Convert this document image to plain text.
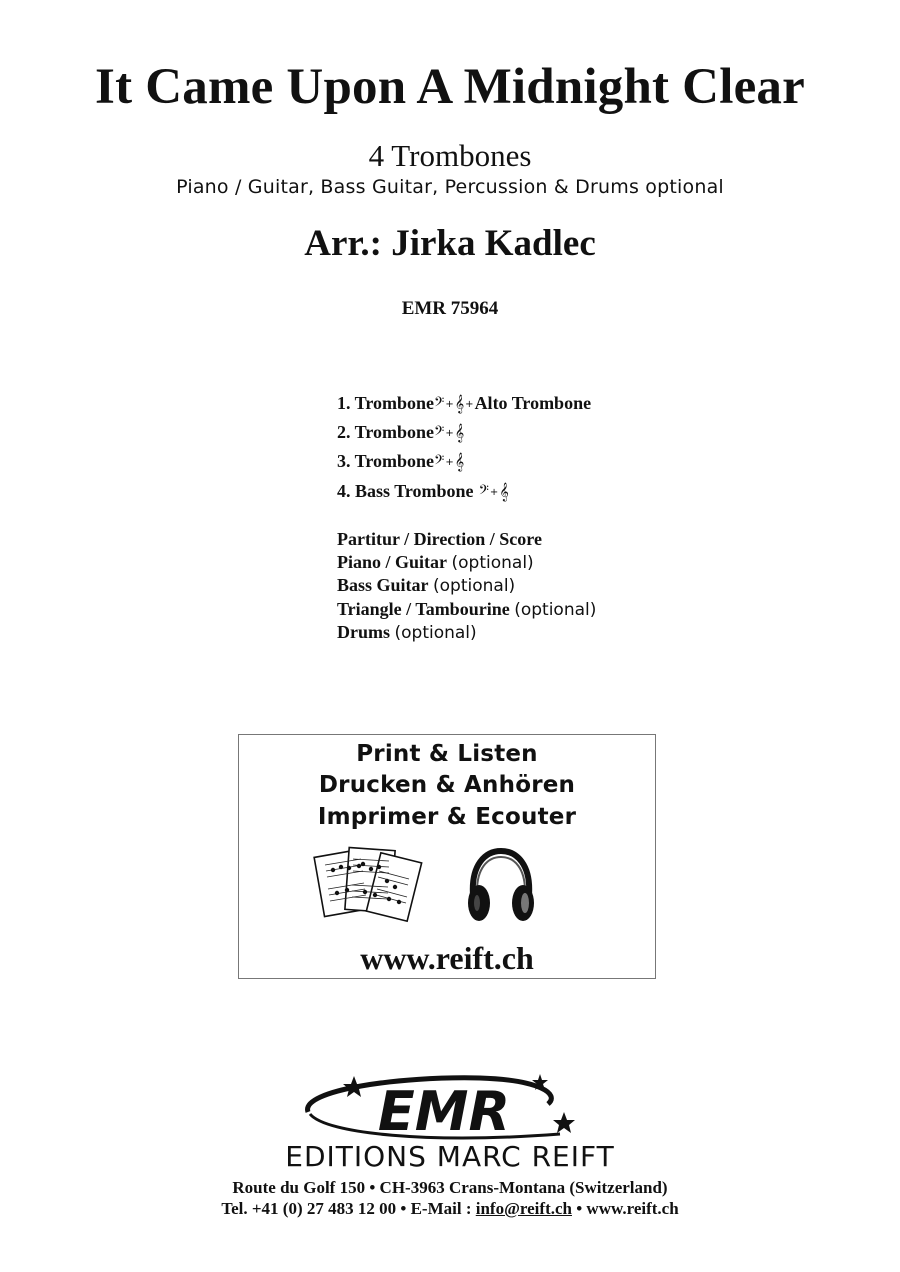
It Came Upon A Midnight Clear
4 Trombones
Piano / Guitar, Bass Guitar, Percussion & Drums optional
Arr.: Jirka Kadlec
EMR 75964
1. Trombone𝄢+𝄞+Alto Trombone
2. Trombone𝄢+𝄞
3. Trombone𝄢+𝄞
4. Bass Trombone 𝄢+𝄞
Partitur / Direction / Score
Piano / Guitar (optional)
Bass Guitar (optional)
Triangle / Tambourine (optional)
Drums (optional)
Print & Listen
Drucken & Anhören
Imprimer & Ecouter
www.reift.ch
EMR
EDITIONS MARC REIFT
Route du Golf 150 • CH-3963 Crans-Montana (Switzerland)
Tel. +41 (0) 27 483 12 00 • E-Mail : info@reift.ch • www.reift.ch
